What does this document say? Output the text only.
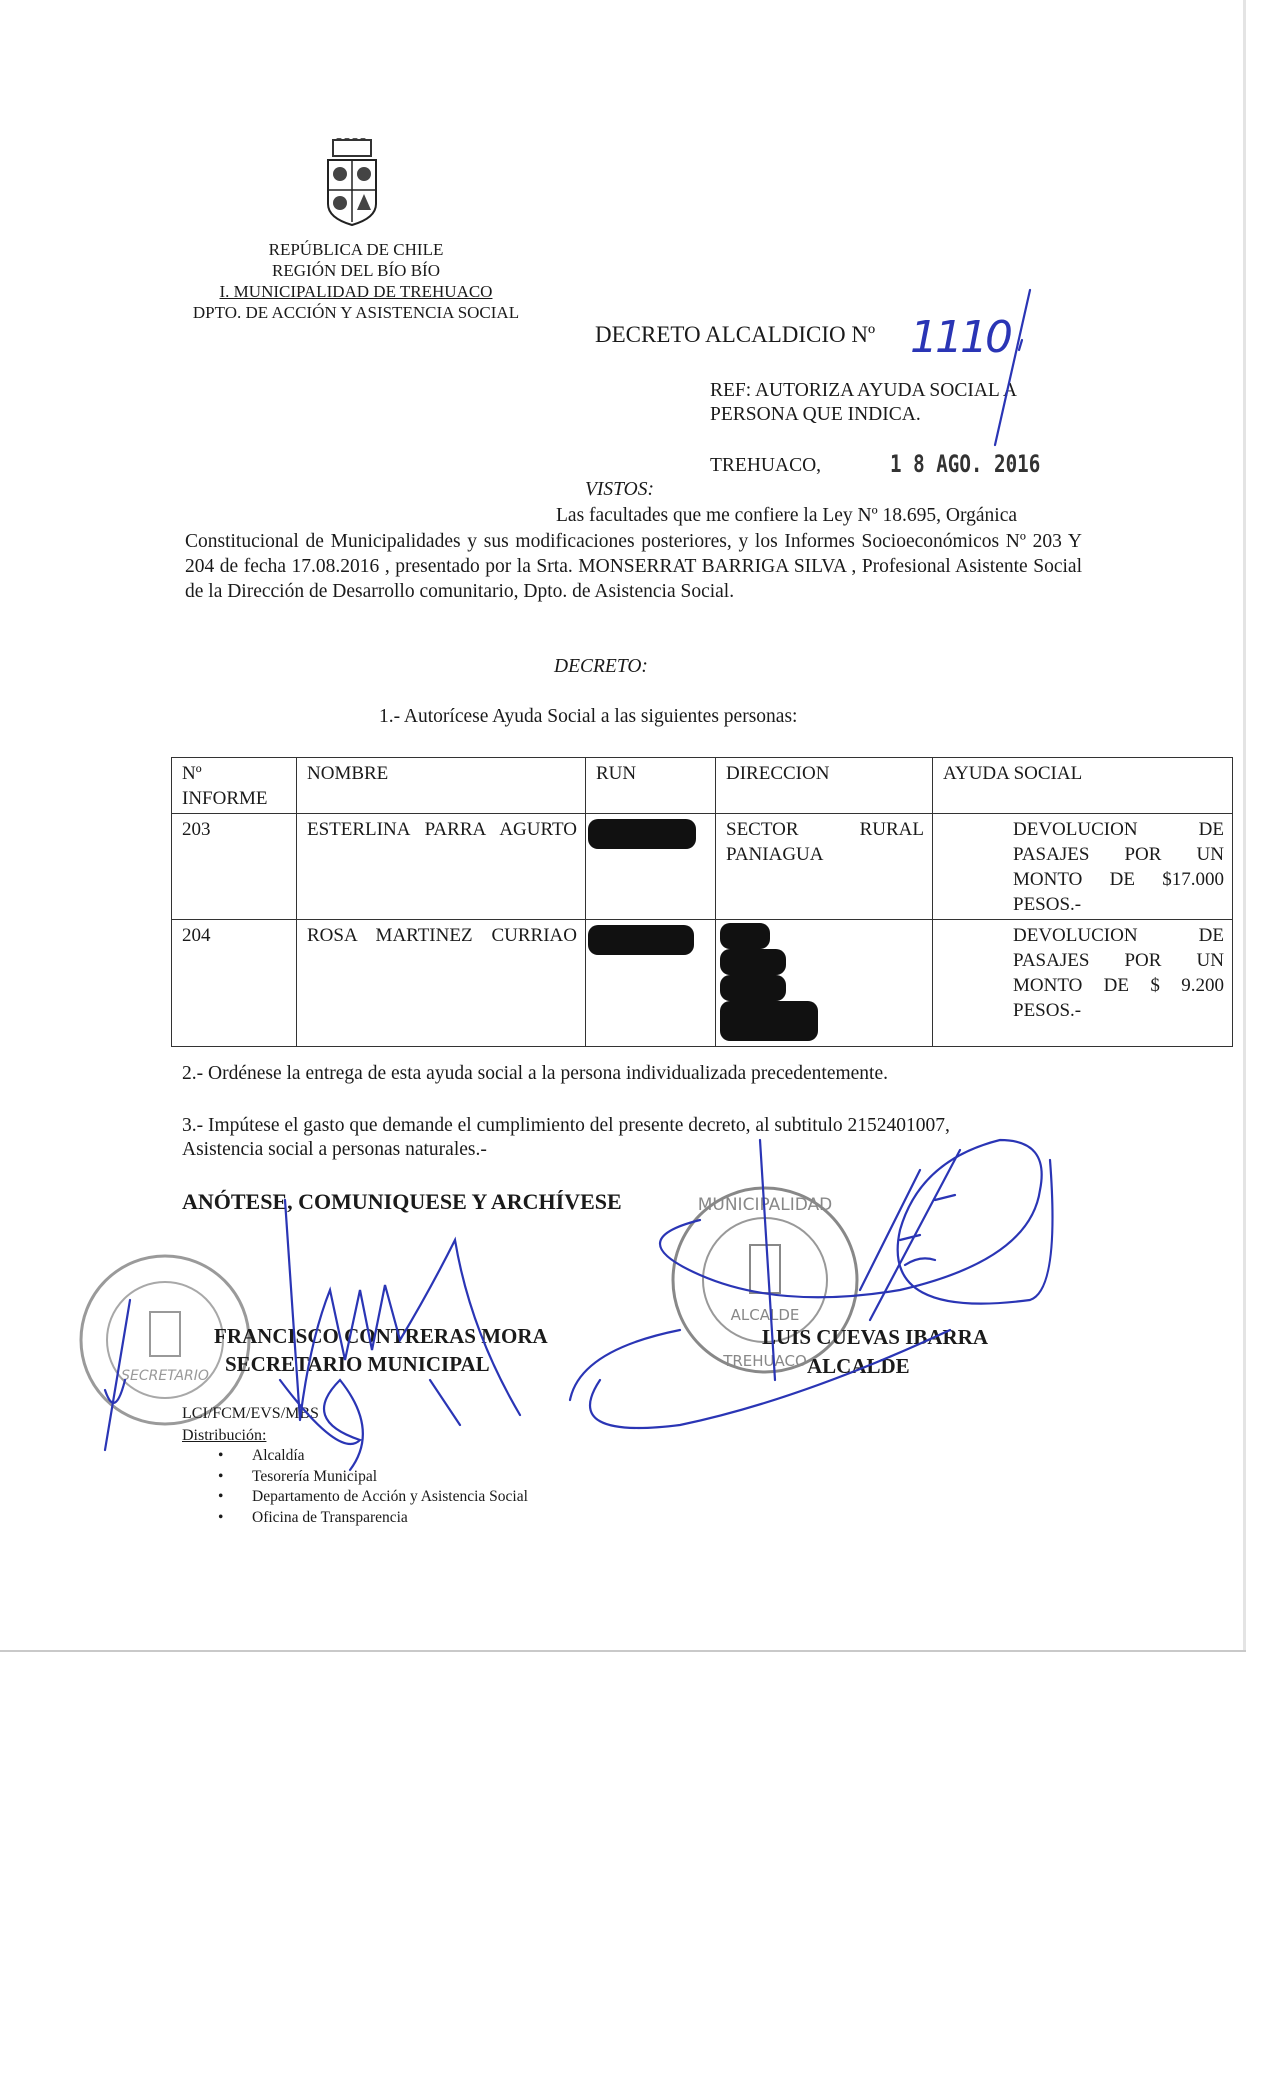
REPÚBLICA DE CHILE
REGIÓN DEL BÍO BÍO
I. MUNICIPALIDAD DE TREHUACO
DPTO. DE ACCIÓN Y ASISTENCIA SOCIAL
DECRETO ALCALDICIO Nº 1110
REF: AUTORIZA AYUDA SOCIAL A
PERSONA QUE INDICA.
TREHUACO,	1 8 AGO. 2016
VISTOS:
Las facultades que me confiere la Ley Nº 18.695, Orgánica
Constitucional de Municipalidades y sus modificaciones posteriores, y los Informes Socioeconómicos Nº 203 Y 204 de fecha 17.08.2016 , presentado por la Srta. MONSERRAT BARRIGA SILVA , Profesional Asistente Social de la Dirección de Desarrollo comunitario, Dpto. de Asistencia Social.
DECRETO:
1.- Autorícese Ayuda Social a las siguientes personas:
Nº INFORME	NOMBRE	RUN	DIRECCION	AYUDA SOCIAL
203	ESTERLINA PARRA AGURTO		SECTOR RURAL PANIAGUA	DEVOLUCION DE PASAJES POR UN MONTO DE $17.000 PESOS.-
204	ROSA MARTINEZ CURRIAO			DEVOLUCION DE PASAJES POR UN MONTO DE $ 9.200 PESOS.-
2.- Ordénese la entrega de esta ayuda social a la persona individualizada precedentemente.
3.- Impútese el gasto que demande el cumplimiento del presente decreto, al subtitulo 2152401007,
Asistencia social a personas naturales.-
ANÓTESE, COMUNIQUESE Y ARCHÍVESE
SECRETARIO
ALCALDE
MUNICIPALIDAD
TREHUACO
FRANCISCO CONTRERAS MORA
SECRETARIO MUNICIPAL
LUIS CUEVAS IBARRA
ALCALDE
LCI/FCM/EVS/MBS
Distribución:
• Alcaldía
• Tesorería Municipal
• Departamento de Acción y Asistencia Social
• Oficina de Transparencia
